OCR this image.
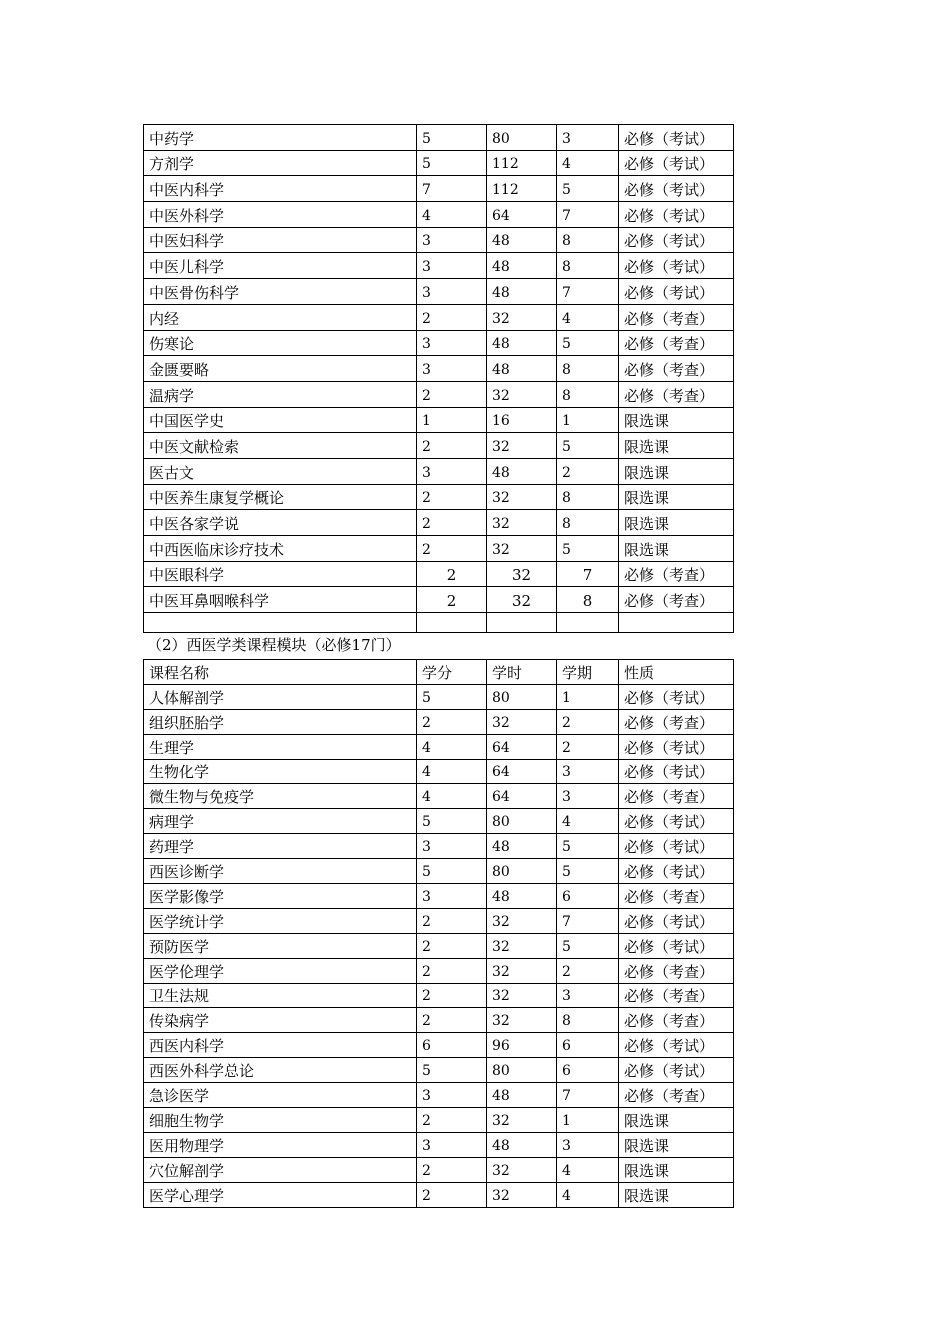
中药学	5	80	3	必修（考试）
方剂学	5	112	4	必修（考试）
中医内科学	7	112	5	必修（考试）
中医外科学	4	64	7	必修（考试）
中医妇科学	3	48	8	必修（考试）
中医儿科学	3	48	8	必修（考试）
中医骨伤科学	3	48	7	必修（考试）
内经	2	32	4	必修（考查）
伤寒论	3	48	5	必修（考查）
金匮要略	3	48	8	必修（考查）
温病学	2	32	8	必修（考查）
中国医学史	1	16	1	限选课
中医文献检索	2	32	5	限选课
医古文	3	48	2	限选课
中医养生康复学概论	2	32	8	限选课
中医各家学说	2	32	8	限选课
中西医临床诊疗技术	2	32	5	限选课
中医眼科学	2	32	7	必修（考查）
中医耳鼻咽喉科学	2	32	8	必修（考查）

（2）西医学类课程模块（必修17门）
课程名称	学分	学时	学期	性质
人体解剖学	5	80	1	必修（考试）
组织胚胎学	2	32	2	必修（考查）
生理学	4	64	2	必修（考试）
生物化学	4	64	3	必修（考试）
微生物与免疫学	4	64	3	必修（考查）
病理学	5	80	4	必修（考试）
药理学	3	48	5	必修（考试）
西医诊断学	5	80	5	必修（考试）
医学影像学	3	48	6	必修（考查）
医学统计学	2	32	7	必修（考试）
预防医学	2	32	5	必修（考试）
医学伦理学	2	32	2	必修（考查）
卫生法规	2	32	3	必修（考查）
传染病学	2	32	8	必修（考查）
西医内科学	6	96	6	必修（考试）
西医外科学总论	5	80	6	必修（考试）
急诊医学	3	48	7	必修（考查）
细胞生物学	2	32	1	限选课
医用物理学	3	48	3	限选课
穴位解剖学	2	32	4	限选课
医学心理学	2	32	4	限选课
